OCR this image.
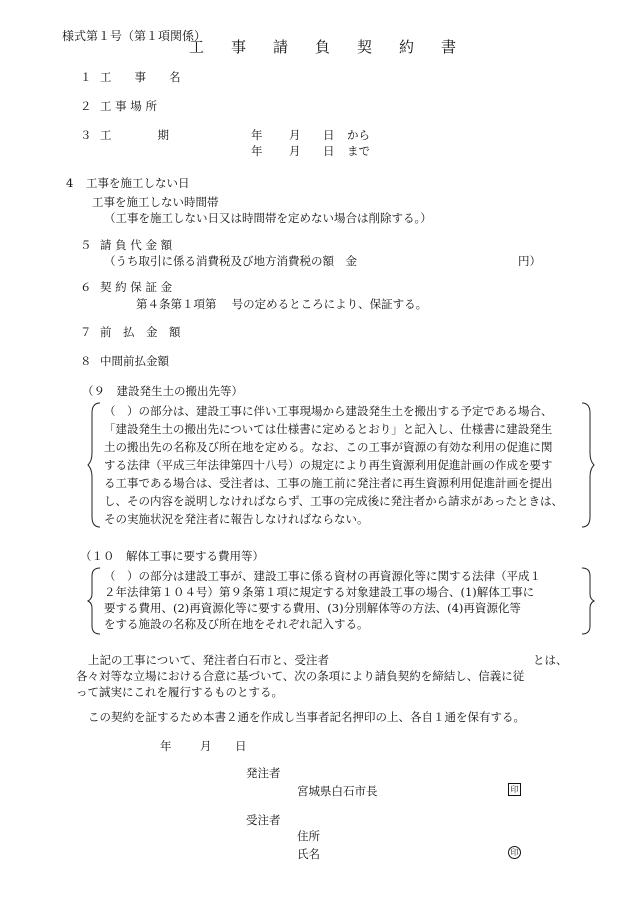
様式第１号（第１項関係）
工 事 請 負 契 約 書
１ 工　　事　　名
２ 工 事 場 所
３ 工　　　　期	年 月 日 から
年 月 日 まで
4 工事を施工しない日
工事を施工しない時間帯
（工事を施工しない日又は時間帯を定めない場合は削除する。）
５ 請 負 代 金 額
（うち取引に係る消費税及び地方消費税の額　金	円）
６ 契 約 保 証 金
第４条第１項第　 号の定めるところにより、保証する。
７ 前　払　金　額
８ 中間前払金額
（９　建設発生土の搬出先等）
（　）の部分は、建設工事に伴い工事現場から建設発生土を搬出する予定である場合、
「建設発生土の搬出先については仕様書に定めるとおり」と記入し、仕様書に建設発生
土の搬出先の名称及び所在地を定める。なお、この工事が資源の有効な利用の促進に関
する法律（平成三年法律第四十八号）の規定により再生資源利用促進計画の作成を要す
る工事である場合は、受注者は、工事の施工前に発注者に再生資源利用促進計画を提出
し、その内容を説明しなければならず、工事の完成後に発注者から請求があったときは、
その実施状況を発注者に報告しなければならない。
（１０　解体工事に要する費用等）
（　）の部分は建設工事が、建設工事に係る資材の再資源化等に関する法律（平成１
２年法律第１０４号）第９条第１項に規定する対象建設工事の場合、(1)解体工事に
要する費用、(2)再資源化等に要する費用、(3)分別解体等の方法、(4)再資源化等
をする施設の名称及び所在地をそれぞれ記入する。
上記の工事について、発注者白石市と、受注者	とは、
各々対等な立場における合意に基づいて、次の条項により請負契約を締結し、信義に従
って誠実にこれを履行するものとする。
この契約を証するため本書２通を作成し当事者記名押印の上、各自１通を保有する。
年 月 日
発注者
宮城県白石市長	印
受注者
住所
氏名	印
